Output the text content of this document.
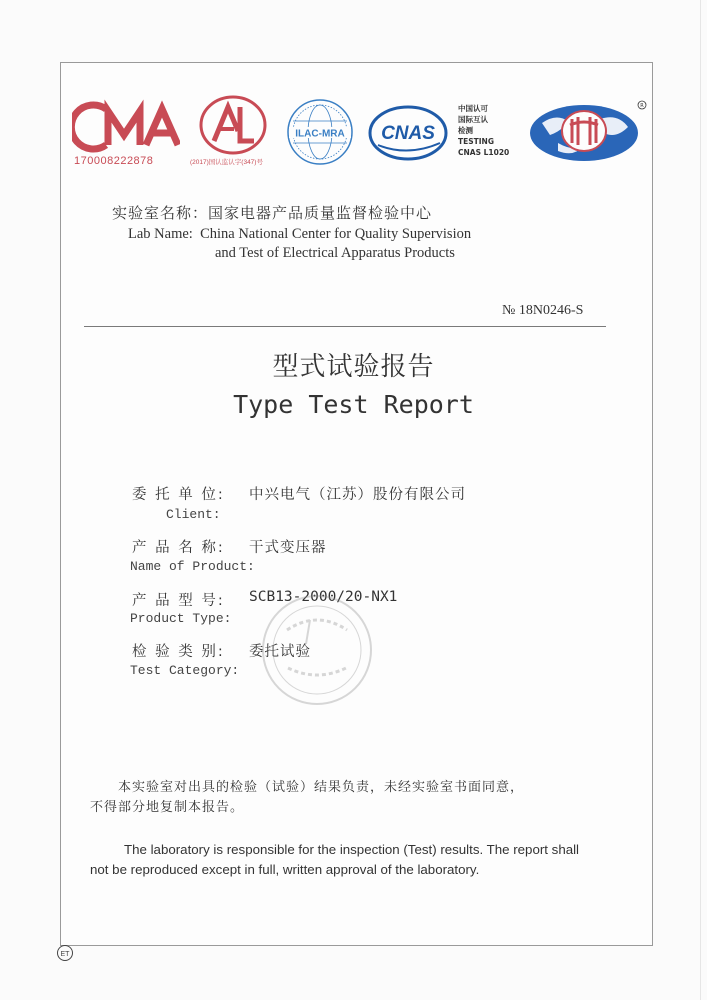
170008222878	(2017)国认监认字(347)号
ILAC-MRA CNAS
中国认可
国际互认
检测
TESTING
CNAS L1020
R
实验室名称：国家电器产品质量监督检验中心
Lab Name: China National Center for Quality Supervision
and Test of Electrical Apparatus Products
№ 18N0246-S
型式试验报告
Type Test Report
委 托 单 位: 中兴电气（江苏）股份有限公司
Client:
产 品 名 称: 干式变压器
Name of Product:
产 品 型 号: SCB13-2000/20-NX1
Product Type:
检 验 类 别: 委托试验
Test Category:
本实验室对出具的检验（试验）结果负责，未经实验室书面同意，
不得部分地复制本报告。
The laboratory is responsible for the inspection (Test) results. The report shall
not be reproduced except in full, written approval of the laboratory.
ET
